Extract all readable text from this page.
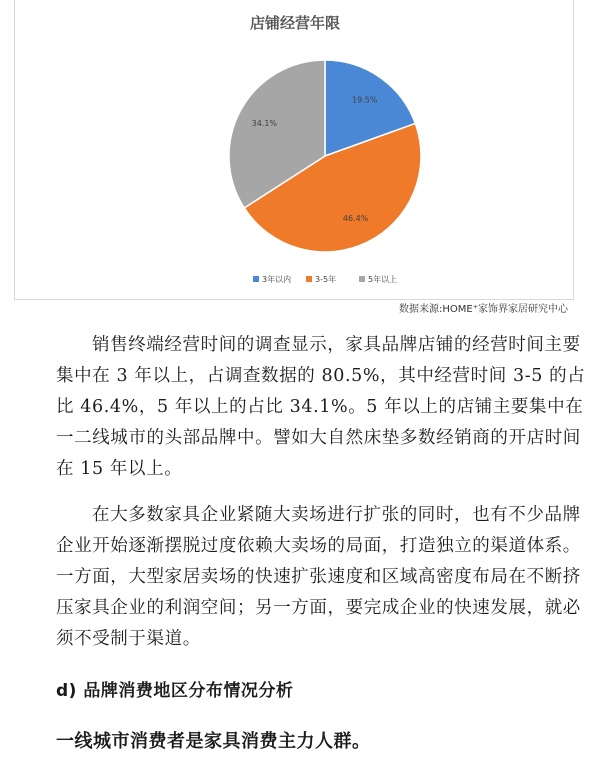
店铺经营年限
19.5%
46.4%
34.1%
3年以内	3-5年	5年以上
数据来源:HOME⁺家饰界家居研究中心

销售终端经营时间的调查显示，家具品牌店铺的经营时间主要集中在 3 年以上，占调查数据的 80.5%，其中经营时间 3-5 的占比 46.4%，5 年以上的占比 34.1%。5 年以上的店铺主要集中在一二线城市的头部品牌中。譬如大自然床垫多数经销商的开店时间在 15 年以上。

在大多数家具企业紧随大卖场进行扩张的同时，也有不少品牌企业开始逐渐摆脱过度依赖大卖场的局面，打造独立的渠道体系。一方面，大型家居卖场的快速扩张速度和区域高密度布局在不断挤压家具企业的利润空间；另一方面，要完成企业的快速发展，就必须不受制于渠道。

d) 品牌消费地区分布情况分析
一线城市消费者是家具消费主力人群。
